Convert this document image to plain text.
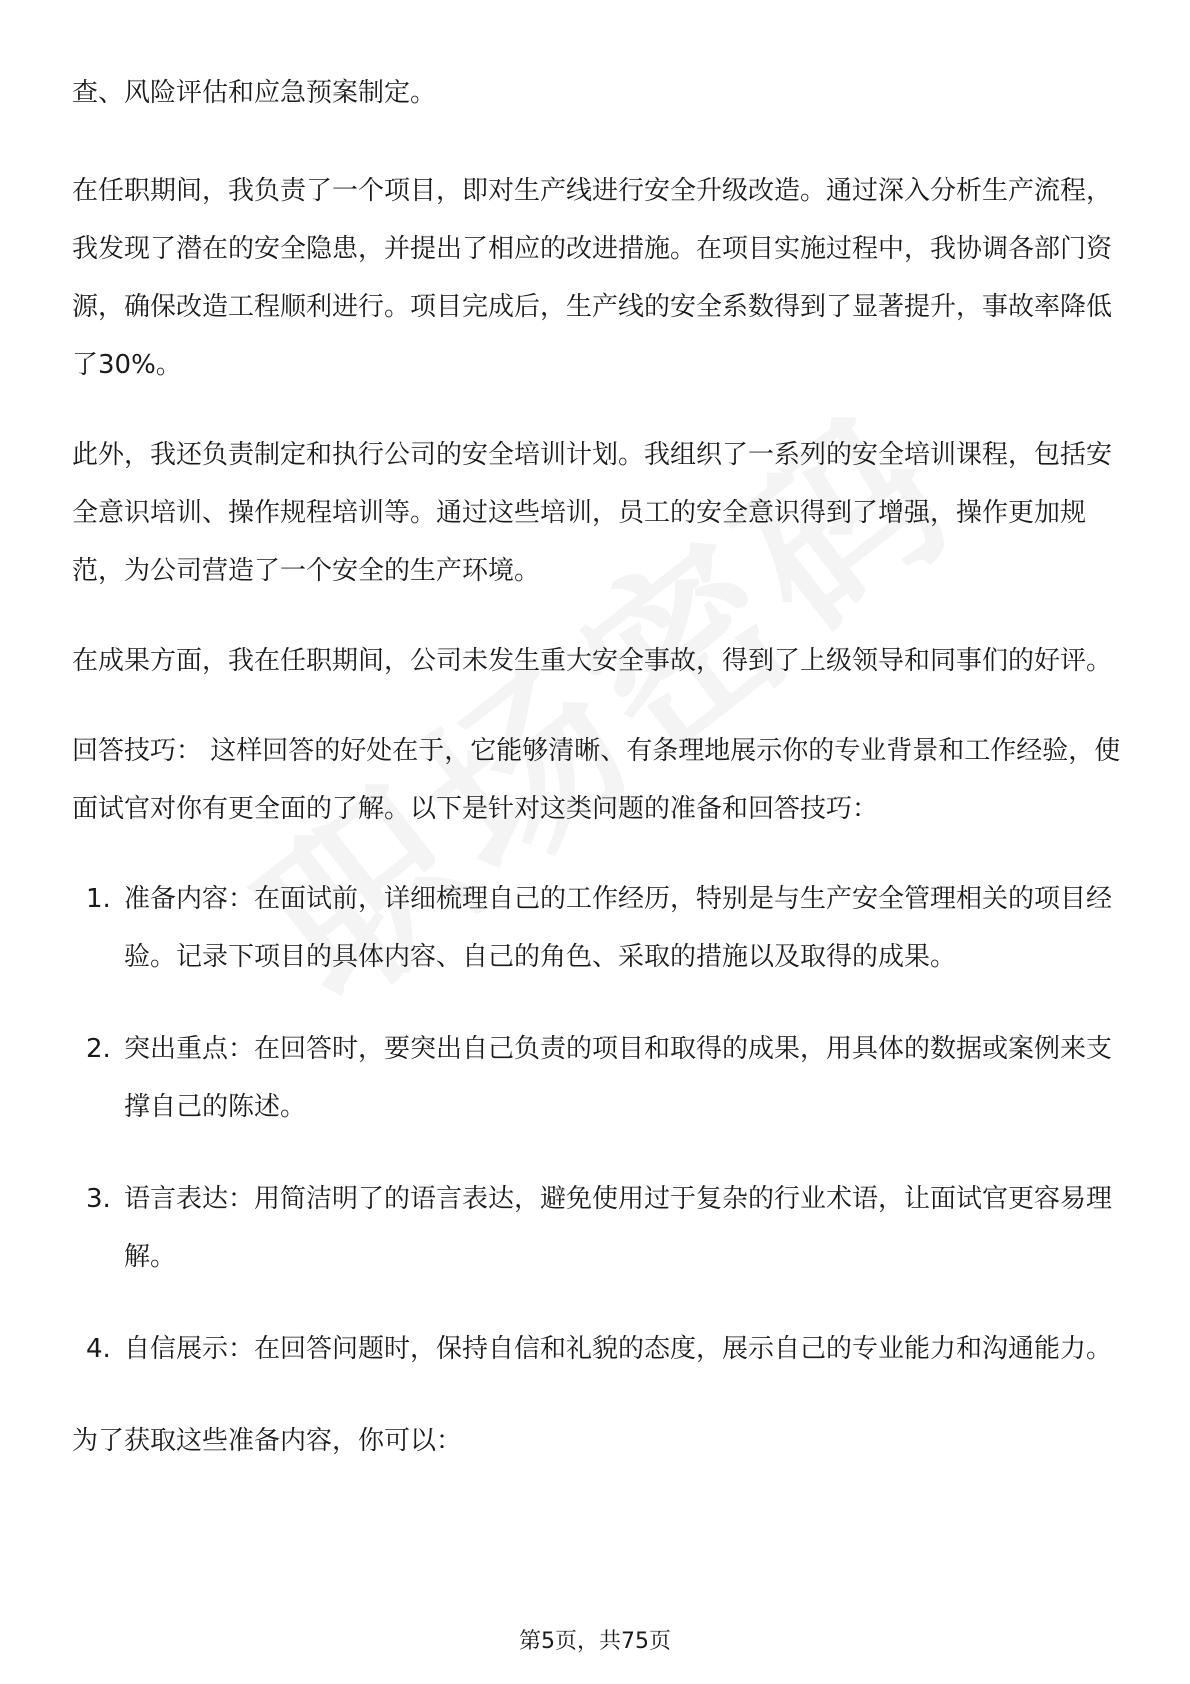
查、风险评估和应急预案制定。

在任职期间，我负责了一个项目，即对生产线进行安全升级改造。通过深入分析生产流程，我发现了潜在的安全隐患，并提出了相应的改进措施。在项目实施过程中，我协调各部门资源，确保改造工程顺利进行。项目完成后，生产线的安全系数得到了显著提升，事故率降低了30%。

此外，我还负责制定和执行公司的安全培训计划。我组织了一系列的安全培训课程，包括安全意识培训、操作规程培训等。通过这些培训，员工的安全意识得到了增强，操作更加规范，为公司营造了一个安全的生产环境。

在成果方面，我在任职期间，公司未发生重大安全事故，得到了上级领导和同事们的好评。

回答技巧： 这样回答的好处在于，它能够清晰、有条理地展示你的专业背景和工作经验，使面试官对你有更全面的了解。以下是针对这类问题的准备和回答技巧：

1. 准备内容：在面试前，详细梳理自己的工作经历，特别是与生产安全管理相关的项目经验。记录下项目的具体内容、自己的角色、采取的措施以及取得的成果。
2. 突出重点：在回答时，要突出自己负责的项目和取得的成果，用具体的数据或案例来支撑自己的陈述。
3. 语言表达：用简洁明了的语言表达，避免使用过于复杂的行业术语，让面试官更容易理解。
4. 自信展示：在回答问题时，保持自信和礼貌的态度，展示自己的专业能力和沟通能力。

为了获取这些准备内容，你可以：

第5页，共75页
